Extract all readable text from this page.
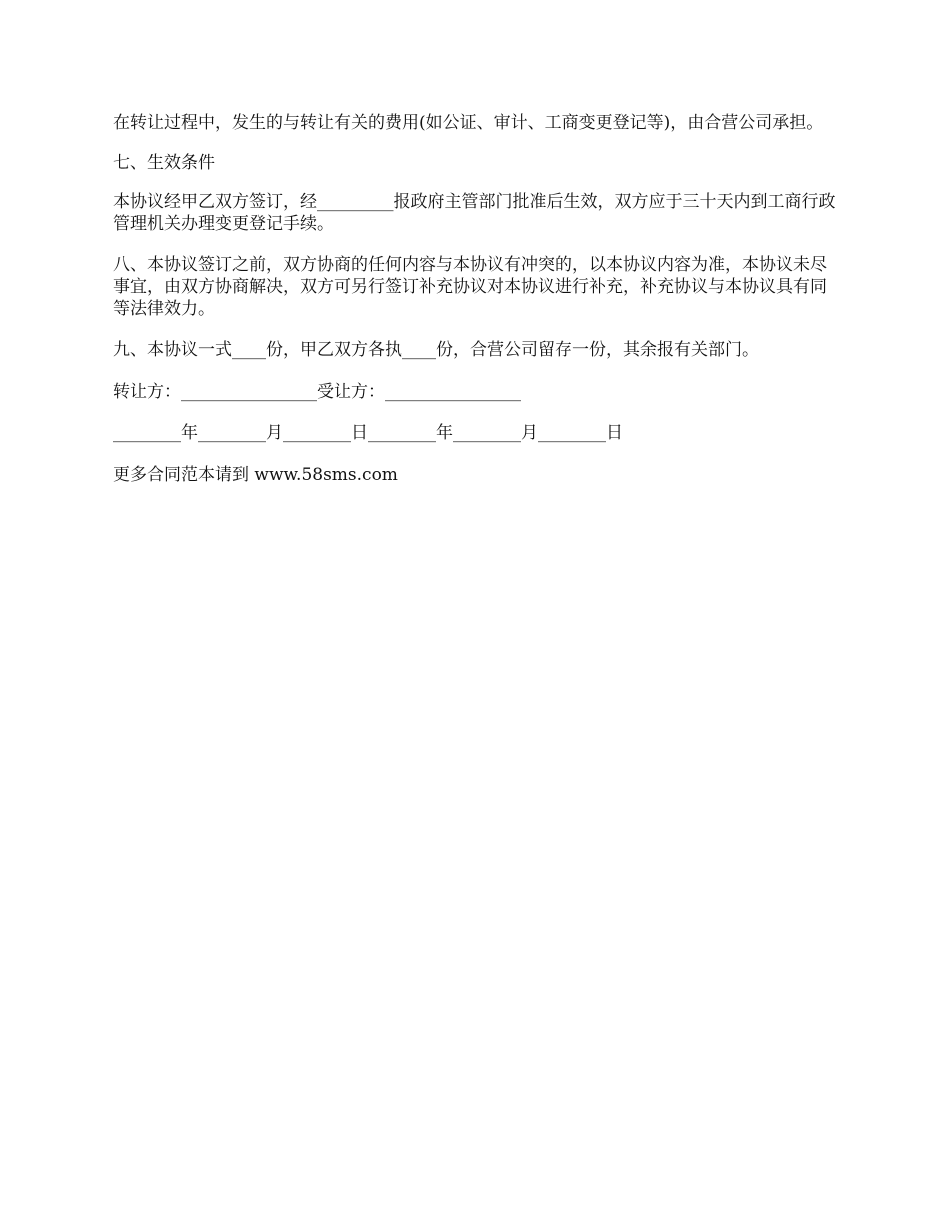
在转让过程中，发生的与转让有关的费用(如公证、审计、工商变更登记等)，由合营公司承担。

七、生效条件

本协议经甲乙双方签订，经_________报政府主管部门批准后生效，双方应于三十天内到工商行政管理机关办理变更登记手续。

八、本协议签订之前，双方协商的任何内容与本协议有冲突的，以本协议内容为准，本协议未尽事宜，由双方协商解决，双方可另行签订补充协议对本协议进行补充，补充协议与本协议具有同等法律效力。

九、本协议一式____份，甲乙双方各执____份，合营公司留存一份，其余报有关部门。

转让方：________________受让方：________________

________年________月________日________年________月________日

更多合同范本请到 www.58sms.com
